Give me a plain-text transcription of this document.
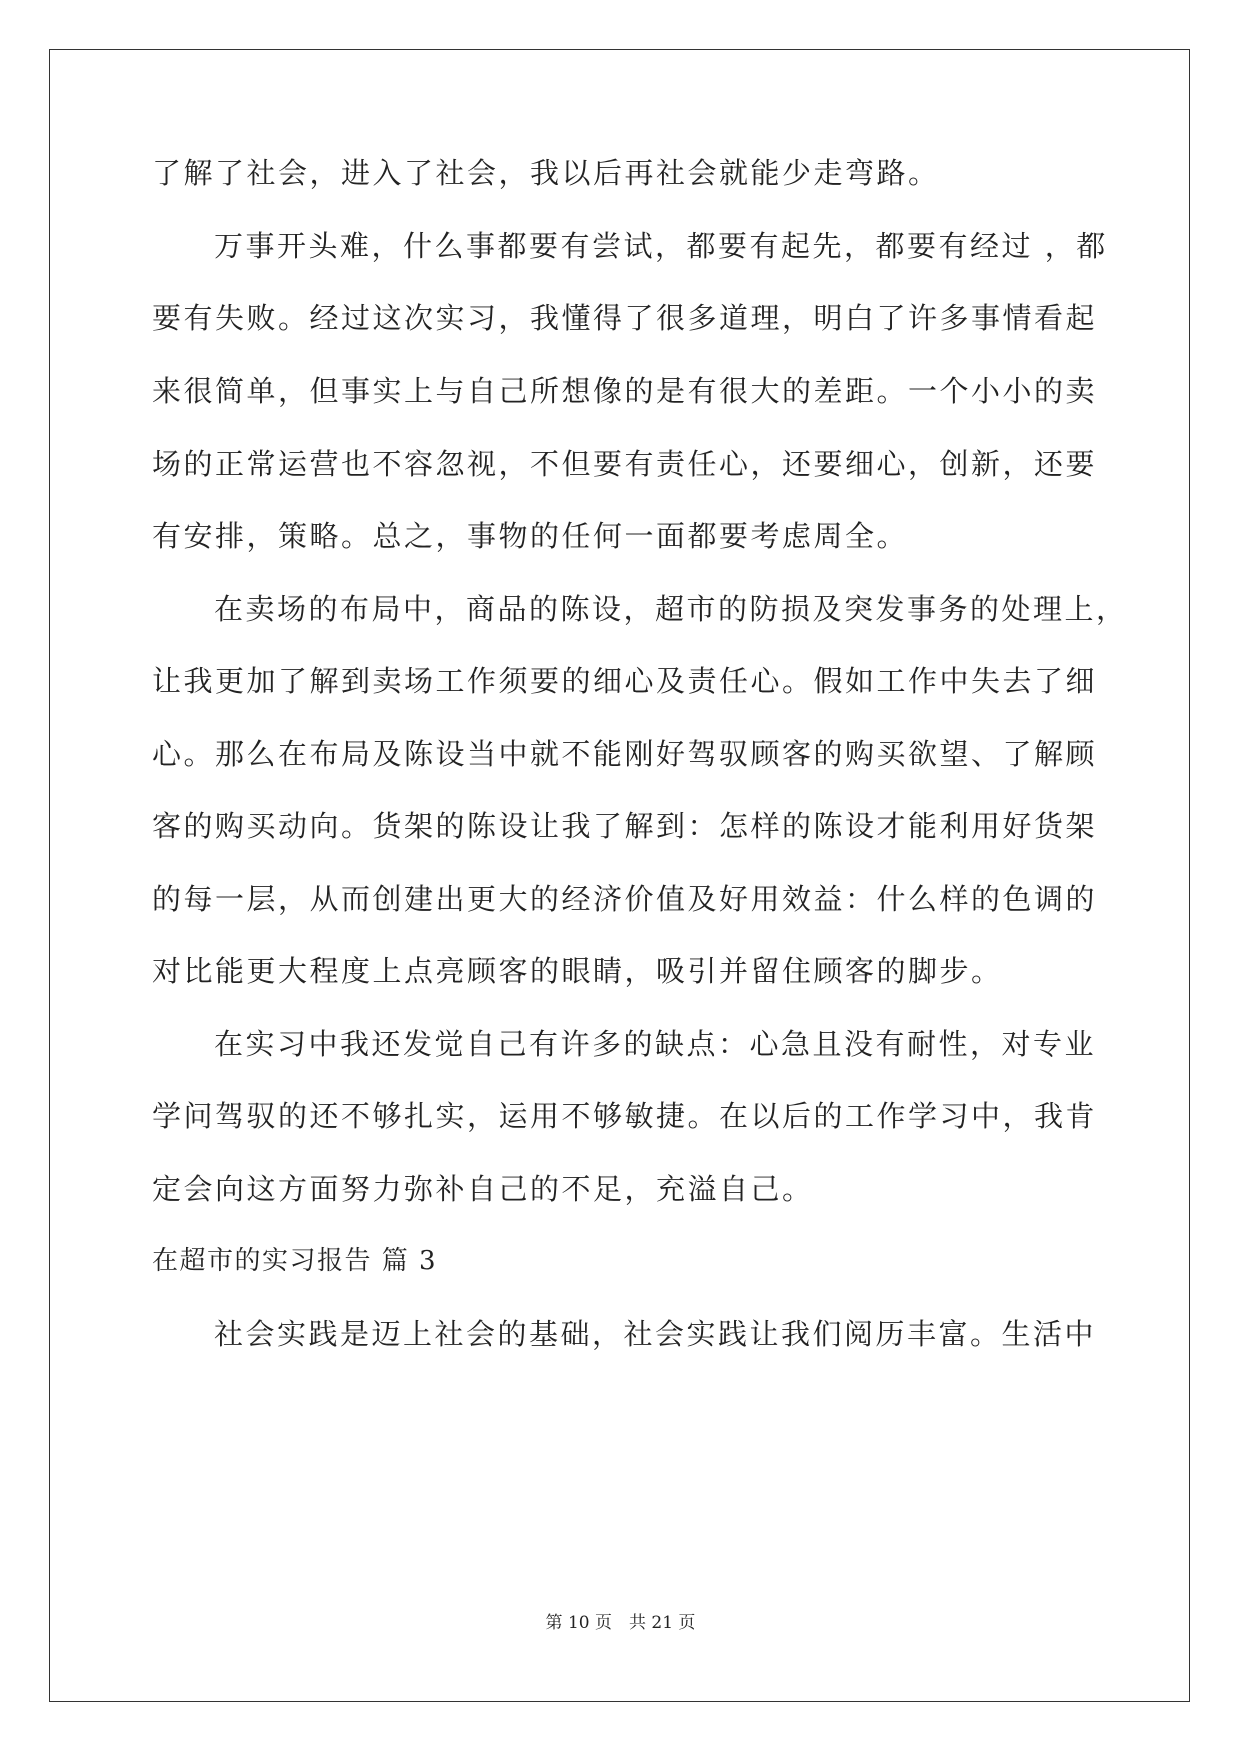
了解了社会，进入了社会，我以后再社会就能少走弯路。
万事开头难，什么事都要有尝试，都要有起先，都要有经过 ，都
要有失败。经过这次实习，我懂得了很多道理，明白了许多事情看起
来很简单，但事实上与自己所想像的是有很大的差距。一个小小的卖
场的正常运营也不容忽视，不但要有责任心，还要细心，创新，还要
有安排，策略。总之，事物的任何一面都要考虑周全。
在卖场的布局中，商品的陈设，超市的防损及突发事务的处理上，
让我更加了解到卖场工作须要的细心及责任心。假如工作中失去了细
心。那么在布局及陈设当中就不能刚好驾驭顾客的购买欲望、了解顾
客的购买动向。货架的陈设让我了解到：怎样的陈设才能利用好货架
的每一层，从而创建出更大的经济价值及好用效益：什么样的色调的
对比能更大程度上点亮顾客的眼睛，吸引并留住顾客的脚步。
在实习中我还发觉自己有许多的缺点：心急且没有耐性，对专业
学问驾驭的还不够扎实，运用不够敏捷。在以后的工作学习中，我肯
定会向这方面努力弥补自己的不足，充溢自己。
在超市的实习报告 篇 3
社会实践是迈上社会的基础，社会实践让我们阅历丰富。生活中
第 10 页　共 21 页
